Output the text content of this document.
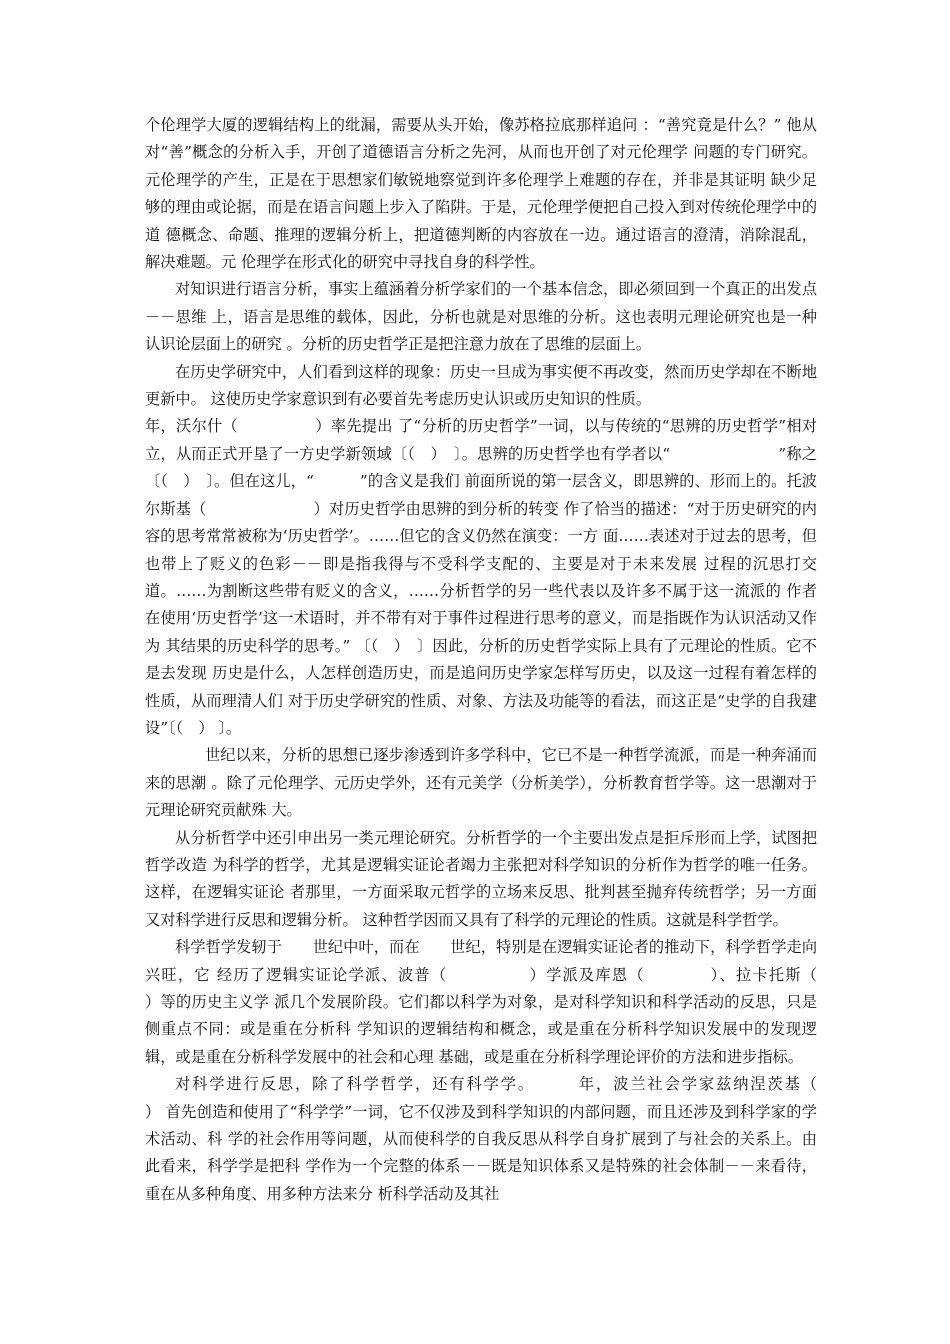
个伦理学大厦的逻辑结构上的纰漏，需要从头开始，像苏格拉底那样追问 ：“善究竟是什么？” 他从对“善”概念的分析入手，开创了道德语言分析之先河，从而也开创了对元伦理学 问题的专门研究。元伦理学的产生，正是在于思想家们敏锐地察觉到许多伦理学上难题的存在，并非是其证明 缺少足够的理由或论据，而是在语言问题上步入了陷阱。于是，元伦理学便把自己投入到对传统伦理学中的道 德概念、命题、推理的逻辑分析上，把道德判断的内容放在一边。通过语言的澄清，消除混乱，解决难题。元 伦理学在形式化的研究中寻找自身的科学性。

对知识进行语言分析，事实上蕴涵着分析学家们的一个基本信念，即必须回到一个真正的出发点－－思维 上，语言是思维的载体，因此，分析也就是对思维的分析。这也表明元理论研究也是一种认识论层面上的研究 。分析的历史哲学正是把注意力放在了思维的层面上。

在历史学研究中，人们看到这样的现象：历史一旦成为事实便不再改变，然而历史学却在不断地更新中。 这使历史学家意识到有必要首先考虑历史认识或历史知识的性质。

年，沃尔什（　　　　　）率先提出 了“分析的历史哲学”一词，以与传统的“思辨的历史哲学”相对立，从而正式开垦了一方史学新领域〔（　）　〕。思辨的历史哲学也有学者以“　　　　　　　”称之〔（　）　〕。但在这儿，“　　　”的含义是我们 前面所说的第一层含义，即思辨的、形而上的。托波尔斯基（　　　　　　　）对历史哲学由思辨的到分析的转变 作了恰当的描述：“对于历史研究的内容的思考常常被称为‘历史哲学’。……但它的含义仍然在演变：一方 面……表述对于过去的思考，但也带上了贬义的色彩－－即是指我得与不受科学支配的、主要是对于未来发展 过程的沉思打交道。……为割断这些带有贬义的含义，……分析哲学的另一些代表以及许多不属于这一流派的 作者在使用‘历史哲学’这一术语时，并不带有对于事件过程进行思考的意义，而是指既作为认识活动又作为 其结果的历史科学的思考。” 〔（　）　〕因此，分析的历史哲学实际上具有了元理论的性质。它不是去发现 历史是什么，人怎样创造历史，而是追问历史学家怎样写历史，以及这一过程有着怎样的性质，从而理清人们 对于历史学研究的性质、对象、方法及功能等的看法，而这正是“史学的自我建设”〔（　） 〕。

世纪以来，分析的思想已逐步渗透到许多学科中，它已不是一种哲学流派，而是一种奔涌而来的思潮 。除了元伦理学、元历史学外，还有元美学（分析美学），分析教育哲学等。这一思潮对于元理论研究贡献殊 大。

从分析哲学中还引申出另一类元理论研究。分析哲学的一个主要出发点是拒斥形而上学，试图把哲学改造 为科学的哲学，尤其是逻辑实证论者竭力主张把对科学知识的分析作为哲学的唯一任务。这样，在逻辑实证论 者那里，一方面采取元哲学的立场来反思、批判甚至抛弃传统哲学；另一方面又对科学进行反思和逻辑分析。 这种哲学因而又具有了科学的元理论的性质。这就是科学哲学。

科学哲学发轫于　　世纪中叶，而在　　世纪，特别是在逻辑实证论者的推动下，科学哲学走向兴旺，它 经历了逻辑实证论学派、波普（　　　　　）学派及库恩（　　　　）、拉卡托斯（　　　　　）等的历史主义学 派几个发展阶段。它们都以科学为对象，是对科学知识和科学活动的反思，只是侧重点不同：或是重在分析科 学知识的逻辑结构和概念，或是重在分析科学知识发展中的发现逻辑，或是重在分析科学发展中的社会和心理 基础，或是重在分析科学理论评价的方法和进步指标。

对科学进行反思，除了科学哲学，还有科学学。　　　年，波兰社会学家兹纳涅茨基（　　　　　　） 首先创造和使用了“科学学”一词，它不仅涉及到科学知识的内部问题，而且还涉及到科学家的学术活动、科 学的社会作用等问题，从而使科学的自我反思从科学自身扩展到了与社会的关系上。由此看来，科学学是把科 学作为一个完整的体系－－既是知识体系又是特殊的社会体制－－来看待，重在从多种角度、用多种方法来分 析科学活动及其社
